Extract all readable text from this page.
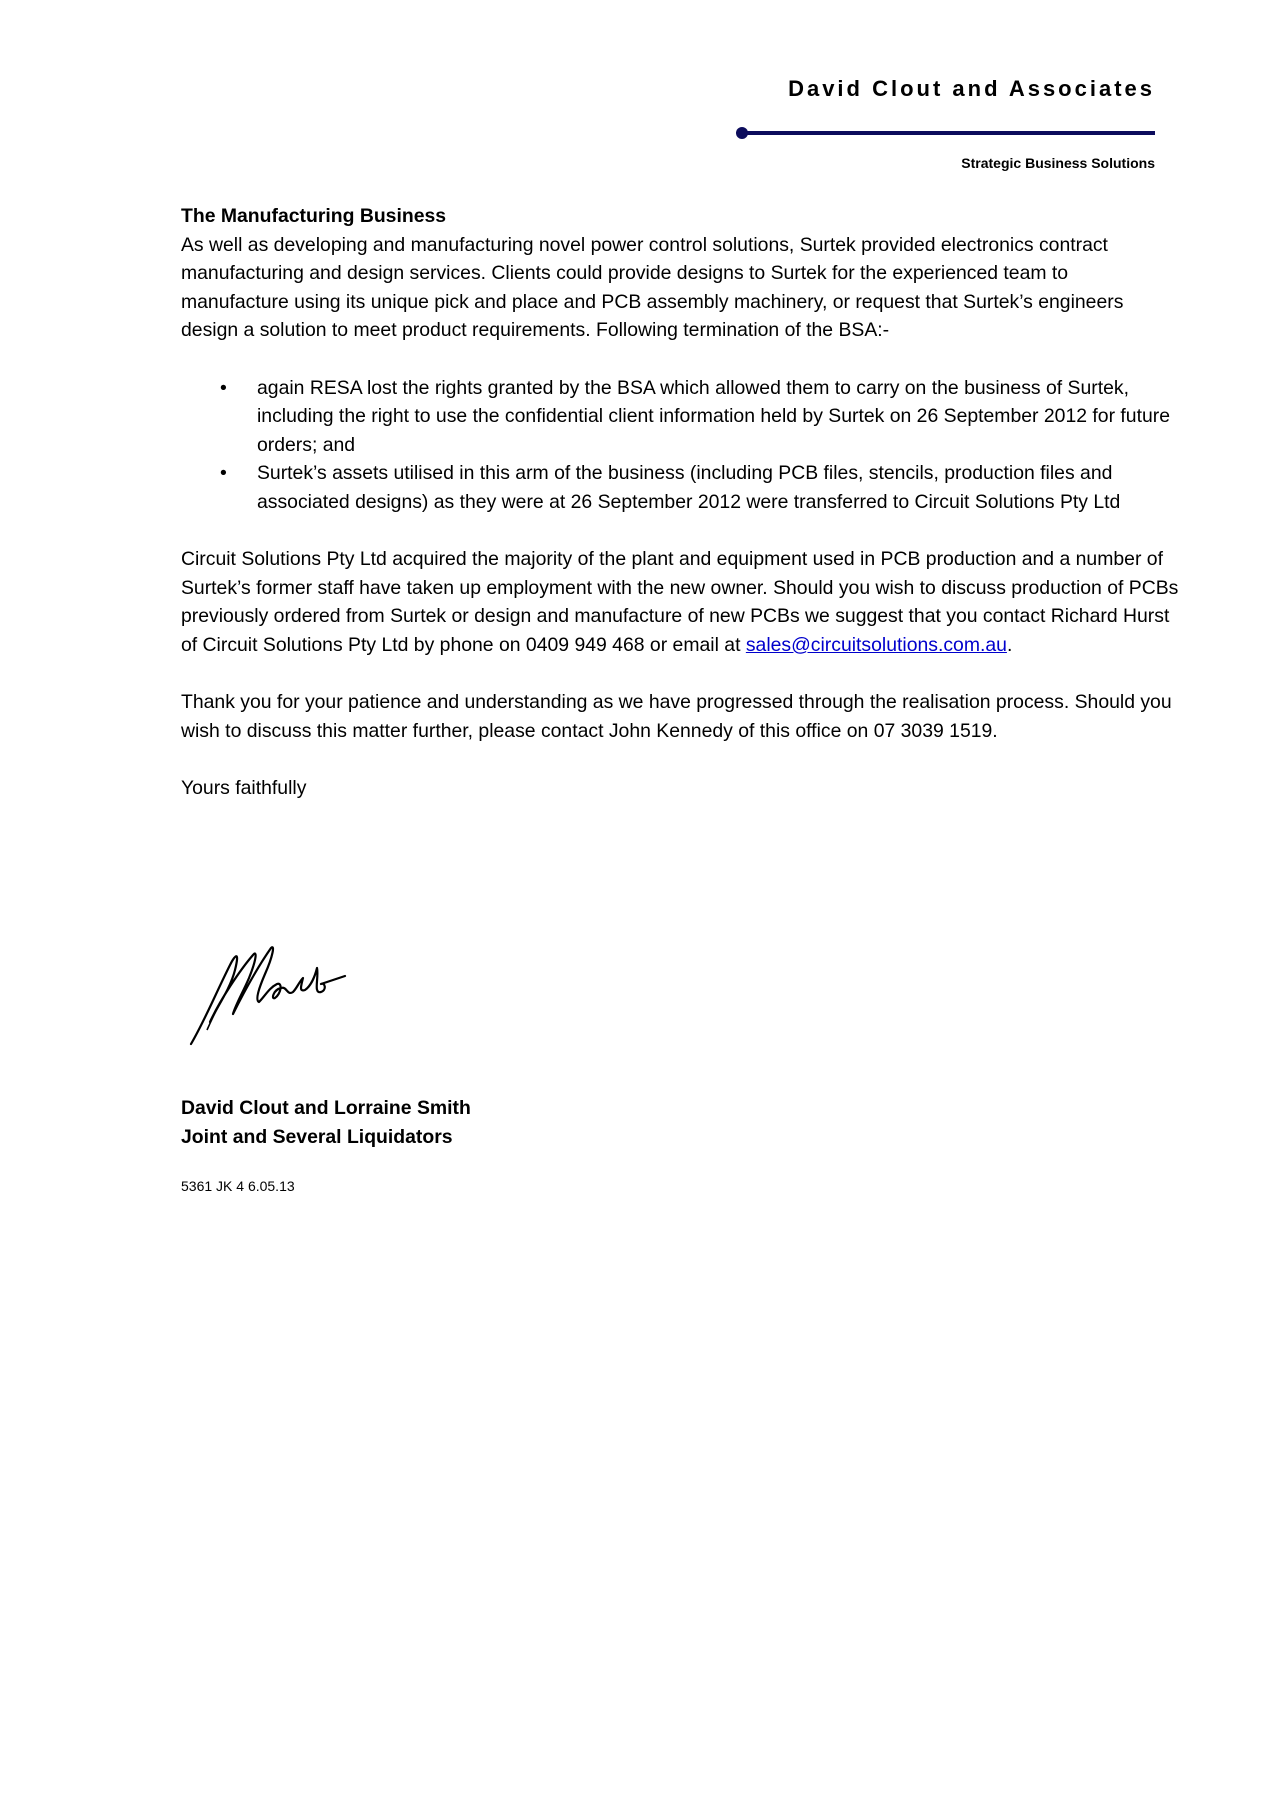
David Clout and Associates
Strategic Business Solutions

The Manufacturing Business

As well as developing and manufacturing novel power control solutions, Surtek provided electronics contract manufacturing and design services. Clients could provide designs to Surtek for the experienced team to manufacture using its unique pick and place and PCB assembly machinery, or request that Surtek’s engineers design a solution to meet product requirements. Following termination of the BSA:-

• again RESA lost the rights granted by the BSA which allowed them to carry on the business of Surtek, including the right to use the confidential client information held by Surtek on 26 September 2012 for future orders; and
• Surtek’s assets utilised in this arm of the business (including PCB files, stencils, production files and associated designs) as they were at 26 September 2012 were transferred to Circuit Solutions Pty Ltd

Circuit Solutions Pty Ltd acquired the majority of the plant and equipment used in PCB production and a number of Surtek’s former staff have taken up employment with the new owner. Should you wish to discuss production of PCBs previously ordered from Surtek or design and manufacture of new PCBs we suggest that you contact Richard Hurst of Circuit Solutions Pty Ltd by phone on 0409 949 468 or email at sales@circuitsolutions.com.au.

Thank you for your patience and understanding as we have progressed through the realisation process. Should you wish to discuss this matter further, please contact John Kennedy of this office on 07 3039 1519.

Yours faithfully

David Clout and Lorraine Smith
Joint and Several Liquidators
5361 JK 4 6.05.13
